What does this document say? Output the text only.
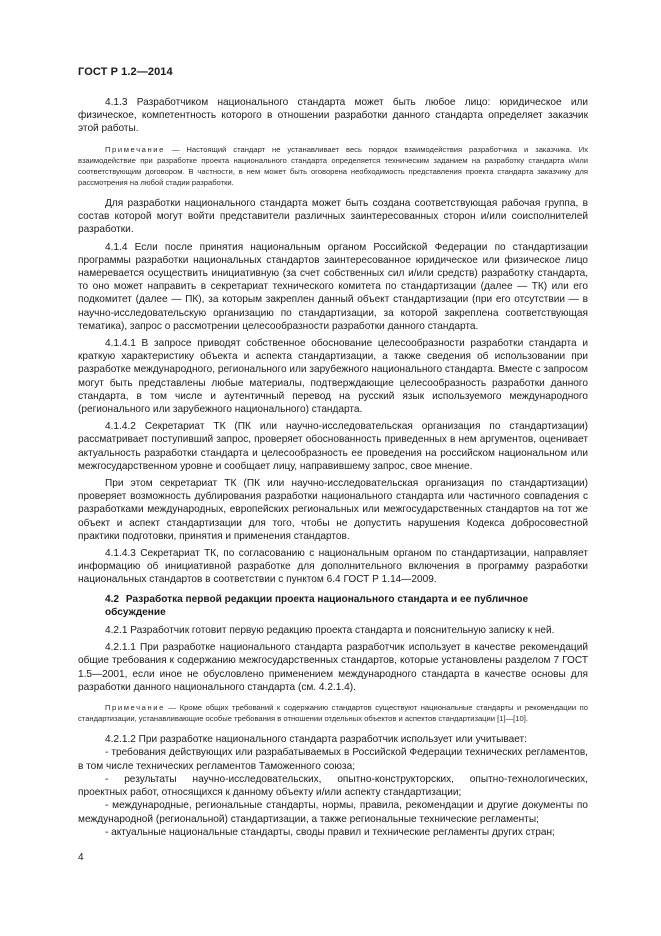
ГОСТ Р 1.2—2014

4.1.3 Разработчиком национального стандарта может быть любое лицо: юридическое или физическое, компетентность которого в отношении разработки данного стандарта определяет заказчик этой работы.

Примечание — Настоящий стандарт не устанавливает весь порядок взаимодействия разработчика и заказчика. Их взаимодействие при разработке проекта национального стандарта определяется техническим заданием на разработку стандарта и/или соответствующим договором. В частности, в нем может быть оговорена необходимость представления проекта стандарта заказчику для рассмотрения на любой стадии разработки.

Для разработки национального стандарта может быть создана соответствующая рабочая группа, в состав которой могут войти представители различных заинтересованных сторон и/или соисполнителей разработки.

4.1.4 Если после принятия национальным органом Российской Федерации по стандартизации программы разработки национальных стандартов заинтересованное юридическое или физическое лицо намеревается осуществить инициативную (за счет собственных сил и/или средств) разработку стандарта, то оно может направить в секретариат технического комитета по стандартизации (далее — ТК) или его подкомитет (далее — ПК), за которым закреплен данный объект стандартизации (при его отсутствии — в научно-исследовательскую организацию по стандартизации, за которой закреплена соответствующая тематика), запрос о рассмотрении целесообразности разработки данного стандарта.

4.1.4.1 В запросе приводят собственное обоснование целесообразности разработки стандарта и краткую характеристику объекта и аспекта стандартизации, а также сведения об использовании при разработке международного, регионального или зарубежного национального стандарта. Вместе с запросом могут быть представлены любые материалы, подтверждающие целесообразность разработки данного стандарта, в том числе и аутентичный перевод на русский язык используемого международного (регионального или зарубежного национального) стандарта.

4.1.4.2 Секретариат ТК (ПК или научно-исследовательская организация по стандартизации) рассматривает поступивший запрос, проверяет обоснованность приведенных в нем аргументов, оценивает актуальность разработки стандарта и целесообразность ее проведения на российском национальном или межгосударственном уровне и сообщает лицу, направившему запрос, свое мнение.

При этом секретариат ТК (ПК или научно-исследовательская организация по стандартизации) проверяет возможность дублирования разработки национального стандарта или частичного совпадения с разработками международных, европейских региональных или межгосударственных стандартов на тот же объект и аспект стандартизации для того, чтобы не допустить нарушения Кодекса добросовестной практики подготовки, принятия и применения стандартов.

4.1.4.3 Секретариат ТК, по согласованию с национальным органом по стандартизации, направляет информацию об инициативной разработке для дополнительного включения в программу разработки национальных стандартов в соответствии с пунктом 6.4 ГОСТ Р 1.14—2009.

4.2 Разработка первой редакции проекта национального стандарта и ее публичное обсуждение

4.2.1 Разработчик готовит первую редакцию проекта стандарта и пояснительную записку к ней.

4.2.1.1 При разработке национального стандарта разработчик использует в качестве рекомендаций общие требования к содержанию межгосударственных стандартов, которые установлены разделом 7 ГОСТ 1.5—2001, если иное не обусловлено применением международного стандарта в качестве основы для разработки данного национального стандарта (см. 4.2.1.4).

Примечание — Кроме общих требований к содержанию стандартов существуют национальные стандарты и рекомендации по стандартизации, устанавливающие особые требования в отношении отдельных объектов и аспектов стандартизации [1]—[10].

4.2.1.2 При разработке национального стандарта разработчик использует или учитывает:

- требования действующих или разрабатываемых в Российской Федерации технических регламентов, в том числе технических регламентов Таможенного союза;

- результаты научно-исследовательских, опытно-конструкторских, опытно-технологических, проектных работ, относящихся к данному объекту и/или аспекту стандартизации;

- международные, региональные стандарты, нормы, правила, рекомендации и другие документы по международной (региональной) стандартизации, а также региональные технические регламенты;

- актуальные национальные стандарты, своды правил и технические регламенты других стран;

4
